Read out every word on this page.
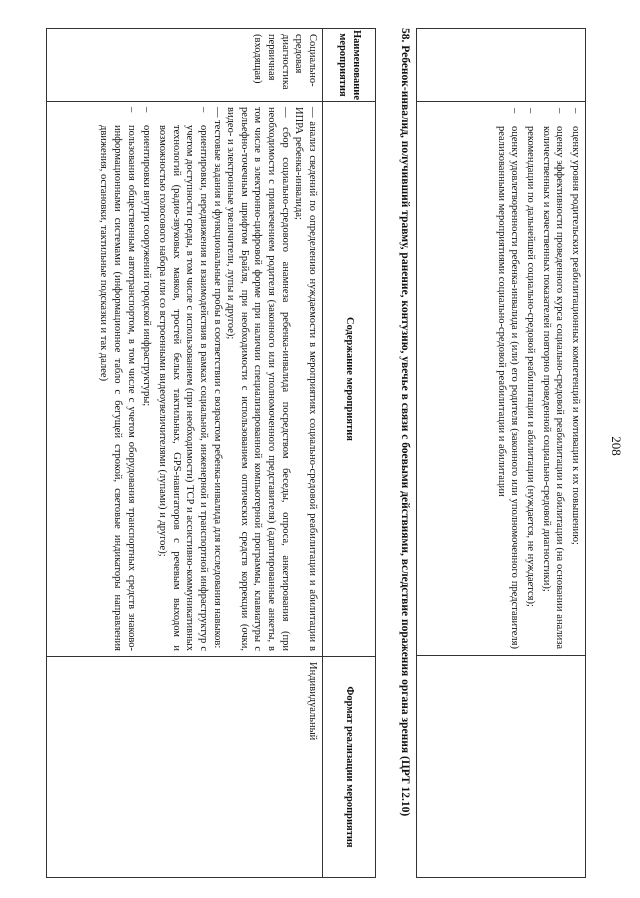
208
–
оценку уровня родительских реабилитационных компетенций и мотивации к их повышению;
–
оценку эффективности проведенного курса социально-средовой реабилитации и абилитации (на основании анализа количественных и качественных показателей повторно проведенной социально-средовой диагностики);
–
рекомендации по дальнейшей социально-средовой реабилитации и абилитации (нуждается, не нуждается);
–
оценку удовлетворенности ребенка-инвалида и (или) его родителя (законного или уполномоченного представителя) реализованными мероприятиями социально-средовой реабилитации и абилитации
58. Ребенок-инвалид, получивший травму, ранение, контузию, увечье в связи с боевыми действиями, вследствие поражения органа зрения (ЦРТ 12.10)
Наименование мероприятия
Социально-средовая диагностика первичная (входящая)
Содержание мероприятия
— анализ сведений по определению нуждаемости в мероприятиях социально-средовой реабилитации и абилитации в ИПРА ребенка-инвалида;
— сбор социально-средового анамнеза ребенка-инвалида посредством беседы, опроса, анкетирования (при необходимости с привлечением родителя (законного или уполномоченного представителя) (адаптированные анкеты, в том числе в электронно-цифровой форме при наличии специализированной компьютерной программы, клавиатуры с рельефно-точечным шрифтом Брайля, при необходимости с использованием оптических средств коррекции (очки, видео- и электронные увеличители, лупы и другое);
— тестовые задания и функциональные пробы в соответствии с возрастом ребенка-инвалида для исследования навыков:
–
ориентировки, передвижения и взаимодействия в рамках социальной, инженерной и транспортной инфраструктур с учетом доступности среды, в том числе с использованием (при необходимости) ТСР и ассистивно-коммуникативных технологий (радио-звуковых маяков, тростей белых тактильных, GPS-навигаторов с речевым выходом и возможностью голосового набора или со встроенными видеоувеличителями (лупами) и другое);
–
ориентировки внутри сооружений городской инфраструктуры;
–
пользования общественным автотранспортом, в том числе с учетом оборудования транспортных средств знаково-информационными системами (информационное табло с бегущей строкой, световые индикаторы направления движения, остановки, тактильные подсказки и так далее)
Формат реализации мероприятия
Индивидуальный
